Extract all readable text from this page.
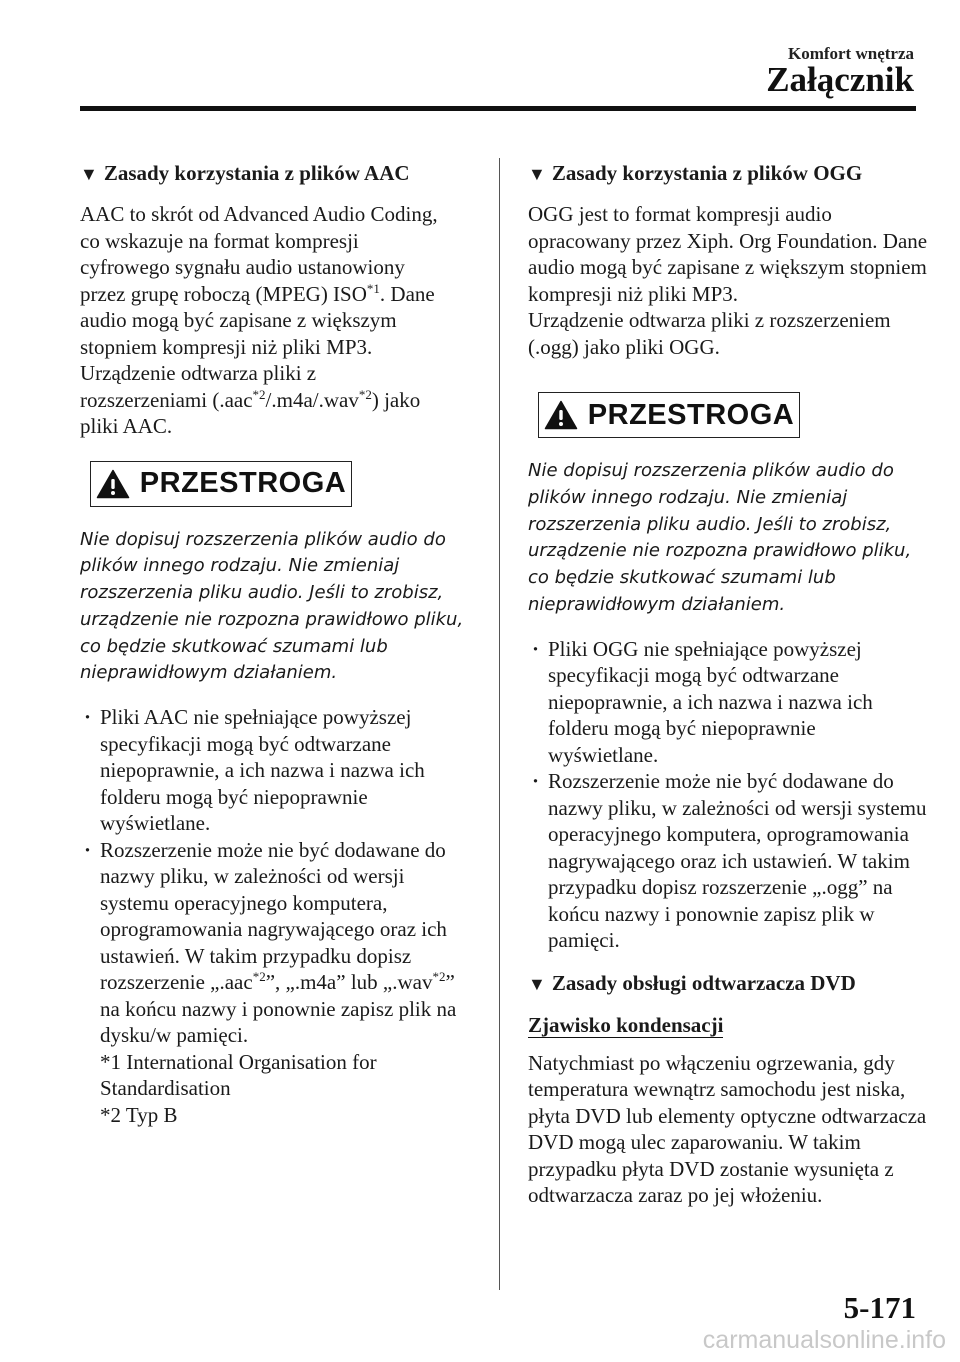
Komfort wnętrza
Załącznik
▼ Zasady korzystania z plików AAC

AAC to skrót od Advanced Audio Coding,

co wskazuje na format kompresji

cyfrowego sygnału audio ustanowiony

przez grupę roboczą (MPEG) ISO$^{*1}$. Dane

audio mogą być zapisane z większym

stopniem kompresji niż pliki MP3.

Urządzenie odtwarza pliki z

rozszerzeniami (.aac$^{*2}$/.m4a/.wav$^{*2}$) jako

pliki AAC.

PRZESTROGA

Nie dopisuj rozszerzenia plików audio do plików innego rodzaju. Nie zmieniaj rozszerzenia pliku audio. Jeśli to zrobisz, urządzenie nie rozpozna prawidłowo pliku, co będzie skutkować szumami lub nieprawidłowym działaniem.

· Pliki AAC nie spełniające powyższej specyfikacji mogą być odtwarzane niepoprawnie, a ich nazwa i nazwa ich folderu mogą być niepoprawnie wyświetlane.
· Rozszerzenie może nie być dodawane do nazwy pliku, w zależności od wersji systemu operacyjnego komputera, oprogramowania nagrywającego oraz ich ustawień. W takim przypadku dopisz rozszerzenie „.aac$^{*2}$”, „.m4a” lub „.wav$^{*2}$” na końcu nazwy i ponownie zapisz plik na dysku/w pamięci.
*1 International Organisation for Standardisation
*2 Typ B
▼ Zasady korzystania z plików OGG

OGG jest to format kompresji audio opracowany przez Xiph. Org Foundation. Dane audio mogą być zapisane z większym stopniem kompresji niż pliki MP3.

Urządzenie odtwarza pliki z rozszerzeniem (.ogg) jako pliki OGG.

PRZESTROGA

Nie dopisuj rozszerzenia plików audio do plików innego rodzaju. Nie zmieniaj rozszerzenia pliku audio. Jeśli to zrobisz, urządzenie nie rozpozna prawidłowo pliku, co będzie skutkować szumami lub nieprawidłowym działaniem.

· Pliki OGG nie spełniające powyższej specyfikacji mogą być odtwarzane niepoprawnie, a ich nazwa i nazwa ich folderu mogą być niepoprawnie wyświetlane.
· Rozszerzenie może nie być dodawane do nazwy pliku, w zależności od wersji systemu operacyjnego komputera, oprogramowania nagrywającego oraz ich ustawień. W takim przypadku dopisz rozszerzenie „.ogg” na końcu nazwy i ponownie zapisz plik w pamięci.
▼ Zasady obsługi odtwarzacza DVD
Zjawisko kondensacji

Natychmiast po włączeniu ogrzewania, gdy temperatura wewnątrz samochodu jest niska, płyta DVD lub elementy optyczne odtwarzacza DVD mogą ulec zaparowaniu. W takim przypadku płyta DVD zostanie wysunięta z odtwarzacza zaraz po jej włożeniu.

5-171
carmanualsonline.info
